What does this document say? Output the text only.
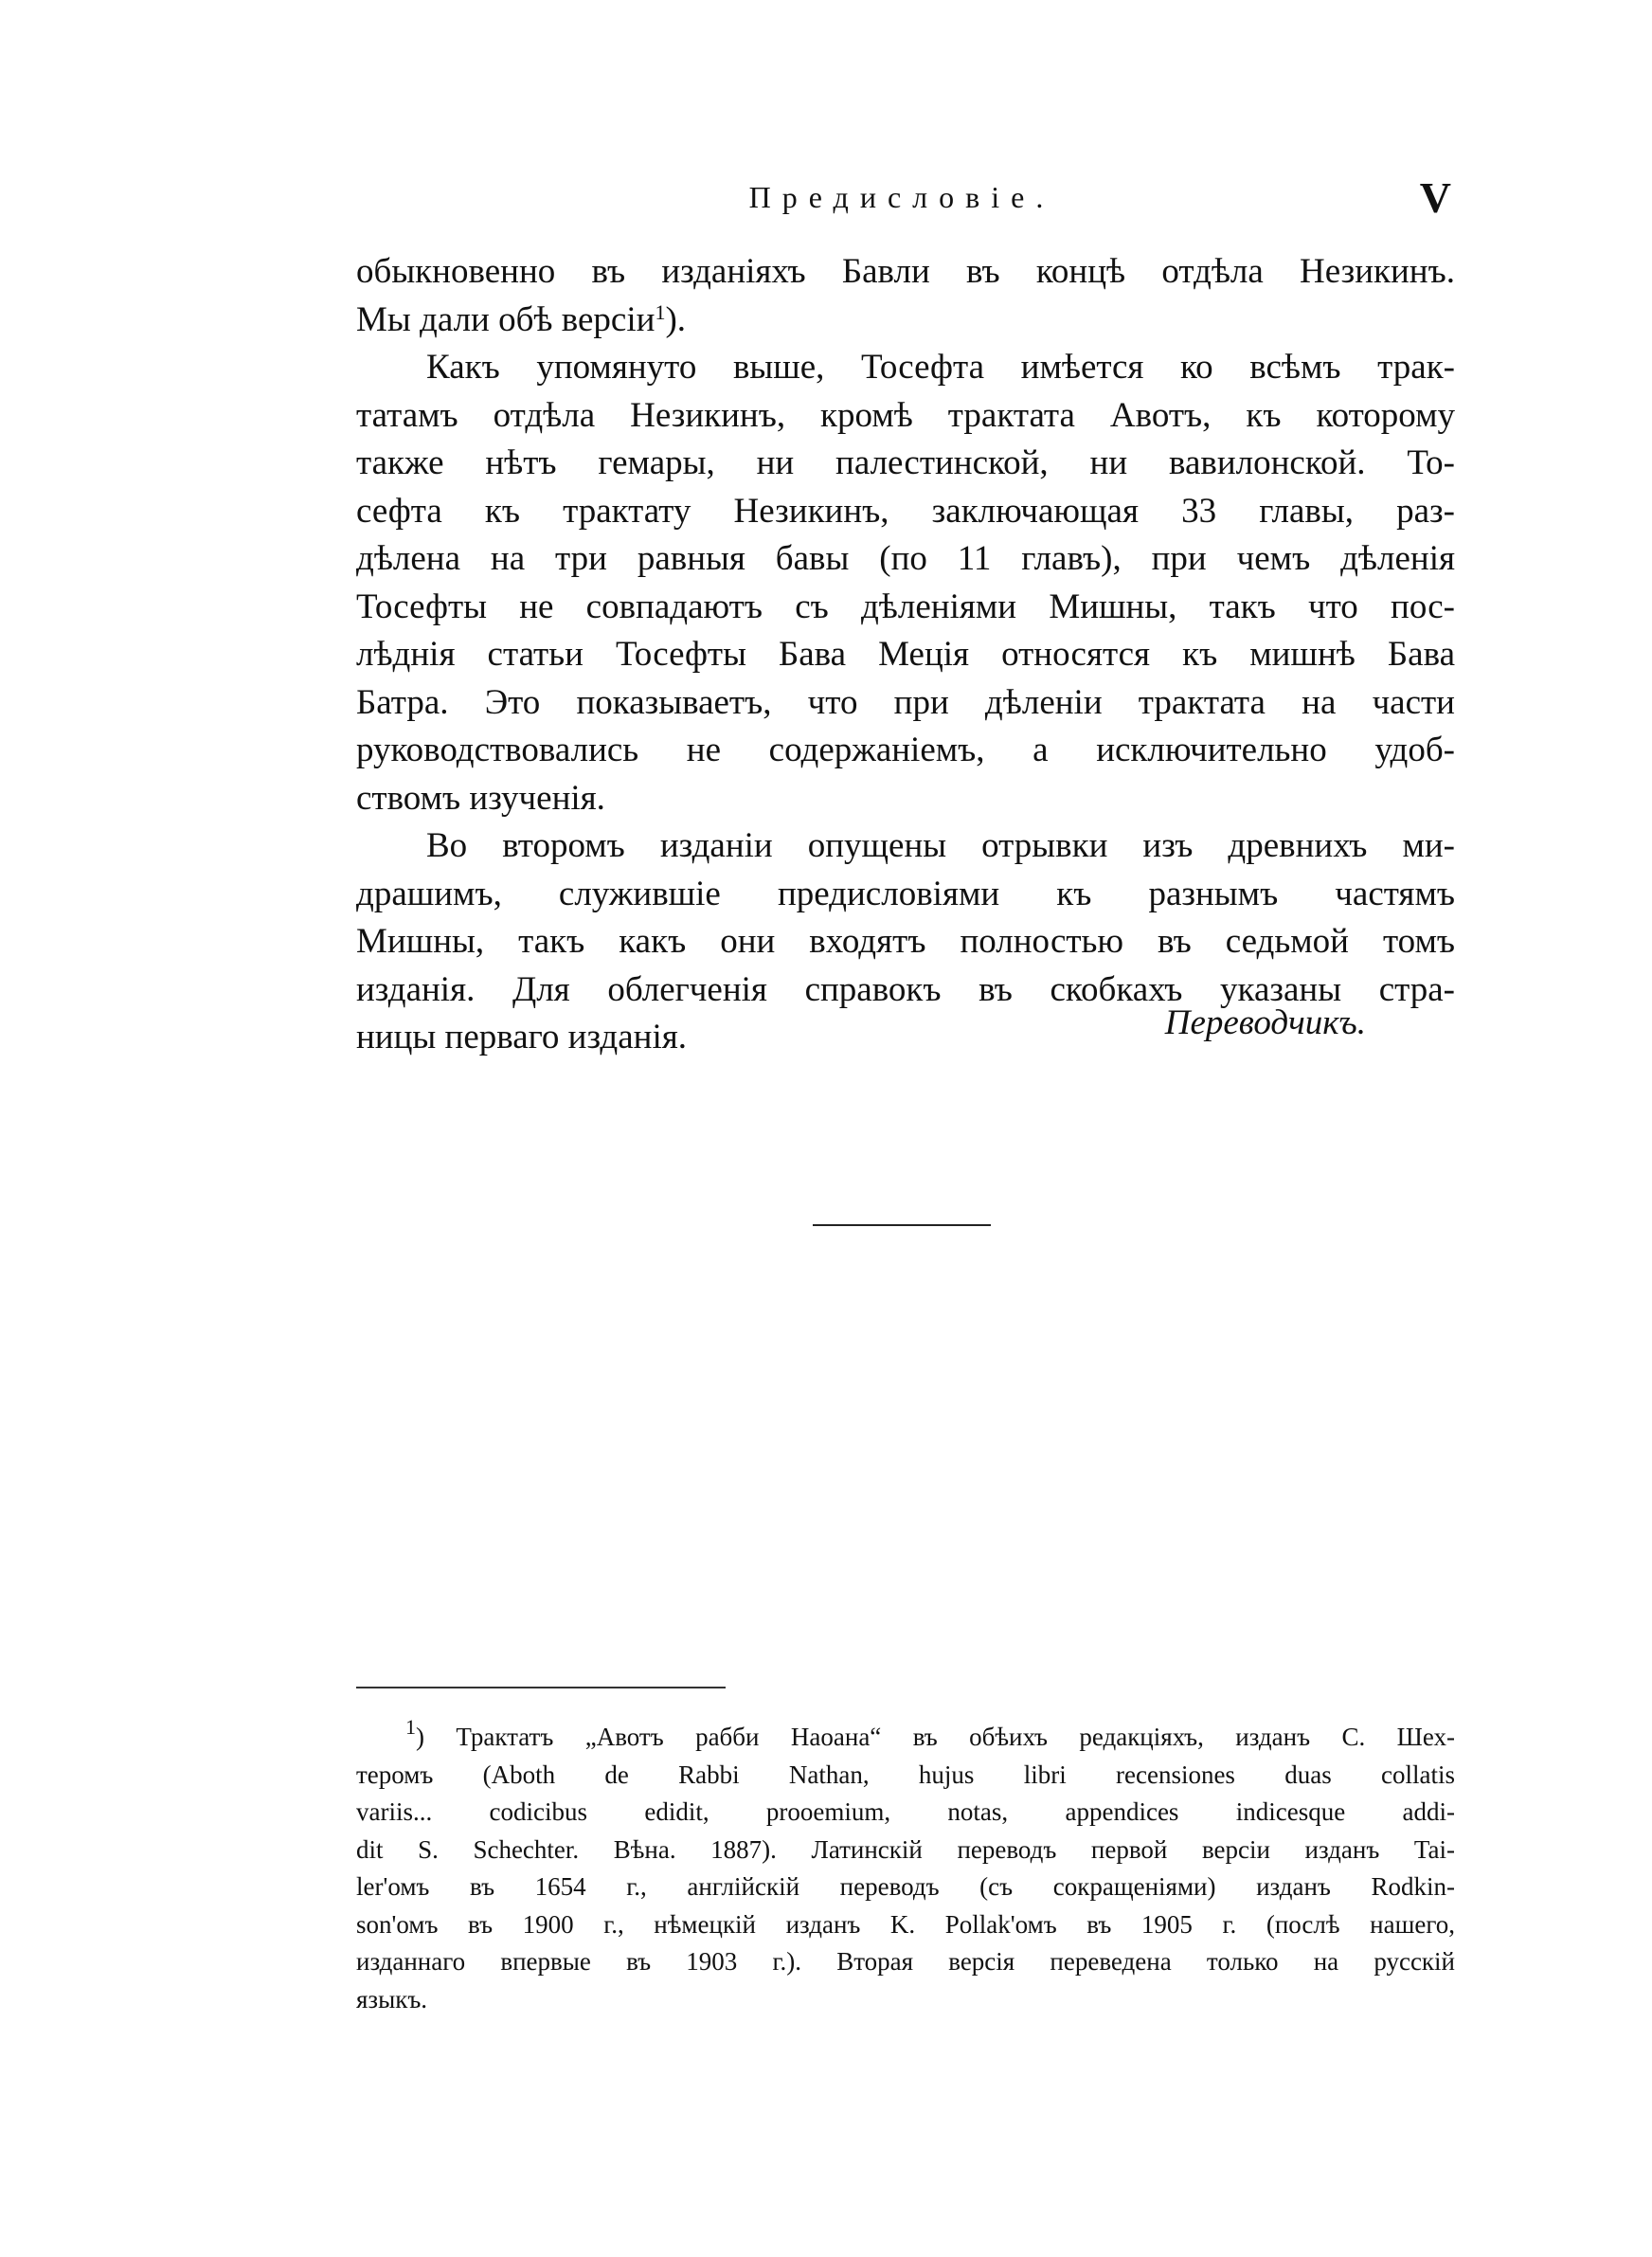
Предисловіе.	V
обыкновенно въ изданіяхъ Бавли въ концѣ отдѣла Незикинъ.
Мы дали обѣ версіи$^1$).
Какъ упомянуто выше, Тосефта имѣется ко всѣмъ трак-
татамъ отдѣла Незикинъ, кромѣ трактата Авотъ, къ которому
также нѣтъ гемары, ни палестинской, ни вавилонской. То-
сефта къ трактату Незикинъ, заключающая 33 главы, раз-
дѣлена на три равныя бавы (по 11 главъ), при чемъ дѣленія
Тосефты не совпадаютъ съ дѣленіями Мишны, такъ что пос-
лѣднія статьи Тосефты Бава Меція относятся къ мишнѣ Бава
Батра. Это показываетъ, что при дѣленіи трактата на части
руководствовались не содержаніемъ, а исключительно удоб-
ствомъ изученія.
Во второмъ изданіи опущены отрывки изъ древнихъ ми-
драшимъ, служившіе предисловіями къ разнымъ частямъ
Мишны, такъ какъ они входятъ полностью въ седьмой томъ
изданія. Для облегченія справокъ въ скобкахъ указаны стра-
ницы перваго изданія.	Переводчикъ.
$^1$) Трактатъ „Авотъ рабби Наоана“ въ обѣихъ редакціяхъ, изданъ С. Шех-
теромъ (Aboth de Rabbi Nathan, hujus libri recensiones duas collatis
variis... codicibus edidit, prooemium, notas, appendices indicesque addi-
dit S. Schechter. Вѣна. 1887). Латинскій переводъ первой версіи изданъ Tai-
ler'омъ въ 1654 г., англійскій переводъ (съ сокращеніями) изданъ Rodkin-
son'омъ въ 1900 г., нѣмецкій изданъ K. Pollak'омъ въ 1905 г. (послѣ нашего,
изданнаго впервые въ 1903 г.). Вторая версія переведена только на русскій
языкъ.
